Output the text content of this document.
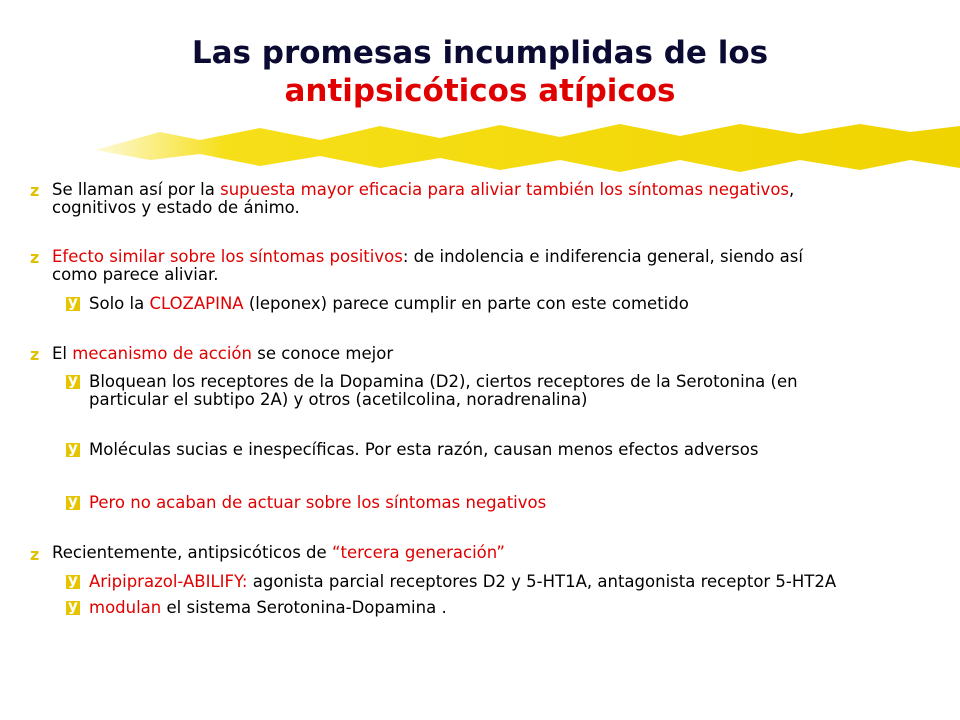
Las promesas incumplidas de los
antipsicóticos atípicos
z Se llaman así por la supuesta mayor eficacia para aliviar también los síntomas negativos,
cognitivos y estado de ánimo.
z Efecto similar sobre los síntomas positivos: de indolencia e indiferencia general, siendo así
como parece aliviar.
y
Solo la CLOZAPINA (leponex) parece cumplir en parte con este cometido
z El mecanismo de acción se conoce mejor
y
Bloquean los receptores de la Dopamina (D2), ciertos receptores de la Serotonina (en
particular el subtipo 2A) y otros (acetilcolina, noradrenalina)
y
Moléculas sucias e inespecíficas. Por esta razón, causan menos efectos adversos
y
Pero no acaban de actuar sobre los síntomas negativos
z Recientemente, antipsicóticos de “tercera generación”
y
Aripiprazol-ABILIFY: agonista parcial receptores D2 y 5-HT1A, antagonista receptor 5-HT2A
y
modulan el sistema Serotonina-Dopamina .
